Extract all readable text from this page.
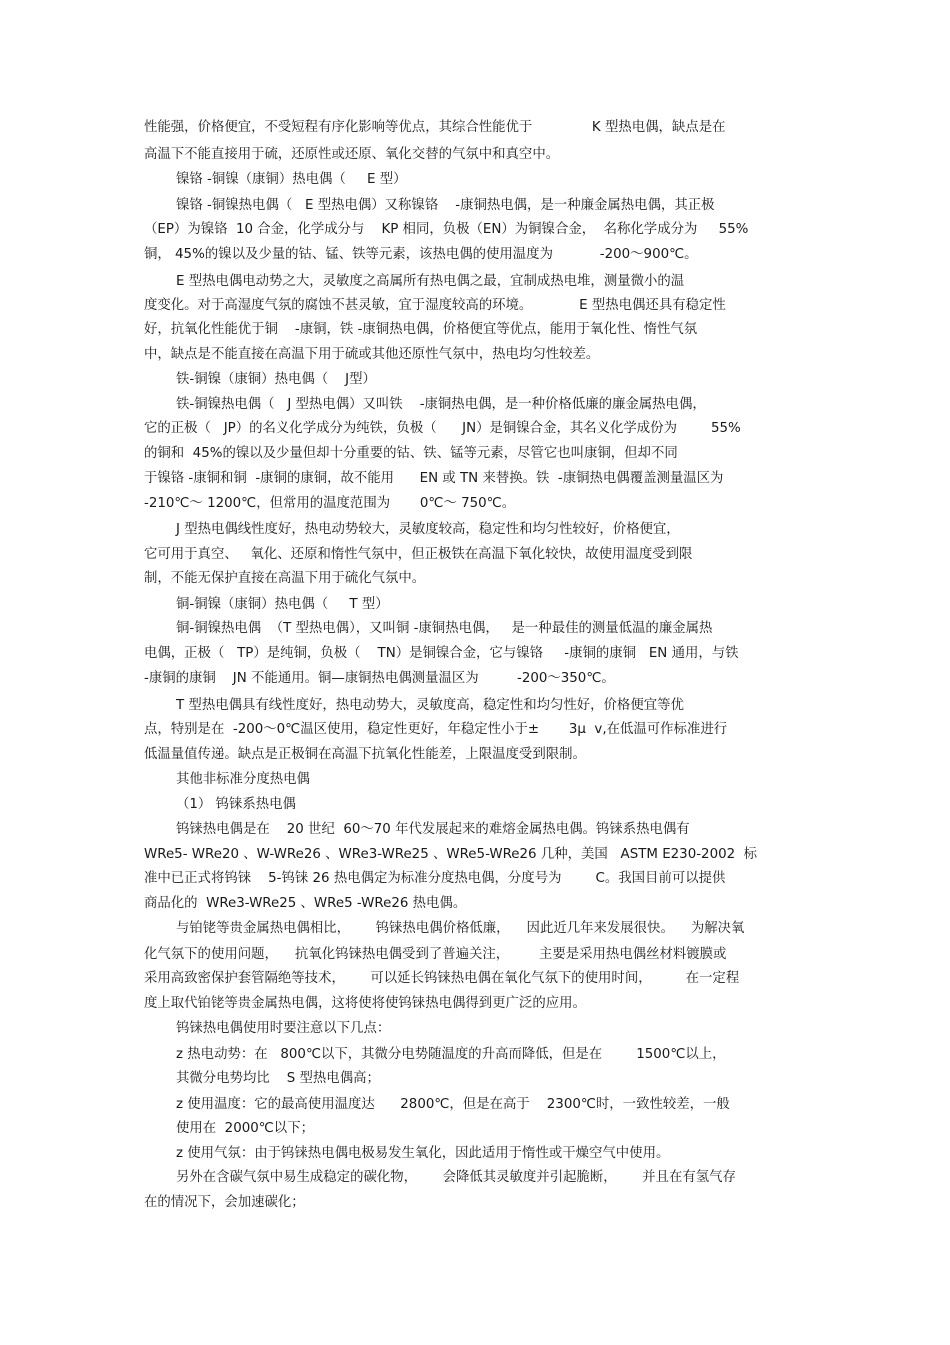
性能强，价格便宜，不受短程有序化影响等优点，其综合性能优于              K 型热电偶，缺点是在
高温下不能直接用于硫，还原性或还原、氧化交替的气氛中和真空中。
镍铬 -铜镍（康铜）热电偶（     E 型）
镍铬 -铜镍热电偶（   E 型热电偶）又称镍铬    -康铜热电偶，是一种廉金属热电偶，其正极
（EP）为镍铬  10 合金，化学成分与    KP 相同，负极（EN）为铜镍合金，  名称化学成分为     55%
铜， 45%的镍以及少量的钴、锰、铁等元素，该热电偶的使用温度为           -200～900℃。
E 型热电偶电动势之大，灵敏度之高属所有热电偶之最，宜制成热电堆，测量微小的温
度变化。对于高湿度气氛的腐蚀不甚灵敏，宜于湿度较高的环境。           E 型热电偶还具有稳定性
好，抗氧化性能优于铜    -康铜，铁 -康铜热电偶，价格便宜等优点，能用于氧化性、惰性气氛
中，缺点是不能直接在高温下用于硫或其他还原性气氛中，热电均匀性较差。
铁-铜镍（康铜）热电偶（    J型）
铁-铜镍热电偶（   J 型热电偶）又叫铁    -康铜热电偶，是一种价格低廉的廉金属热电偶，
它的正极（   JP）的名义化学成分为纯铁，负极（      JN）是铜镍合金，其名义化学成份为        55%
的铜和  45%的镍以及少量但却十分重要的钴、铁、锰等元素，尽管它也叫康铜，但却不同
于镍铬 -康铜和铜  -康铜的康铜，故不能用      EN 或 TN 来替换。铁  -康铜热电偶覆盖测量温区为
-210℃～ 1200℃，但常用的温度范围为       0℃～ 750℃。
J 型热电偶线性度好，热电动势较大，灵敏度较高，稳定性和均匀性较好，价格便宜，
它可用于真空、   氧化、还原和惰性气氛中，但正极铁在高温下氧化较快，故使用温度受到限
制，不能无保护直接在高温下用于硫化气氛中。
铜-铜镍（康铜）热电偶（     T 型）
铜-铜镍热电偶  （T 型热电偶），又叫铜 -康铜热电偶，   是一种最佳的测量低温的廉金属热
电偶，正极（   TP）是纯铜，负极（    TN）是铜镍合金，它与镍铬     -康铜的康铜   EN 通用，与铁
-康铜的康铜    JN 不能通用。铜—康铜热电偶测量温区为         -200～350℃。
T 型热电偶具有线性度好，热电动势大，灵敏度高，稳定性和均匀性好，价格便宜等优
点，特别是在  -200～0℃温区使用，稳定性更好，年稳定性小于±       3μ  v,在低温可作标准进行
低温量值传递。缺点是正极铜在高温下抗氧化性能差，上限温度受到限制。
其他非标准分度热电偶
（1） 钨铼系热电偶
钨铼热电偶是在    20 世纪  60～70 年代发展起来的难熔金属热电偶。钨铼系热电偶有
WRe5- WRe20 、W-WRe26 、WRe3-WRe25 、WRe5-WRe26 几种，美国   ASTM E230-2002  标
准中已正式将钨铼    5-钨铼 26 热电偶定为标准分度热电偶，分度号为        C。我国目前可以提供
商品化的  WRe3-WRe25 、WRe5 -WRe26 热电偶。
与铂铑等贵金属热电偶相比，      钨铼热电偶价格低廉，    因此近几年来发展很快。    为解决氧
化气氛下的使用问题，    抗氧化钨铼热电偶受到了普遍关注，       主要是采用热电偶丝材料镀膜或
采用高致密保护套管隔绝等技术，      可以延长钨铼热电偶在氧化气氛下的使用时间，        在一定程
度上取代铂铑等贵金属热电偶，这将使将使钨铼热电偶得到更广泛的应用。
钨铼热电偶使用时要注意以下几点：
z 热电动势：在   800℃以下，其微分电势随温度的升高而降低，但是在        1500℃以上，
其微分电势均比    S 型热电偶高；
z 使用温度：它的最高使用温度达      2800℃，但是在高于    2300℃时，一致性较差，一般
使用在  2000℃以下；
z 使用气氛：由于钨铼热电偶电极易发生氧化，因此适用于惰性或干燥空气中使用。
另外在含碳气氛中易生成稳定的碳化物，      会降低其灵敏度并引起脆断，      并且在有氢气存
在的情况下，会加速碳化；
